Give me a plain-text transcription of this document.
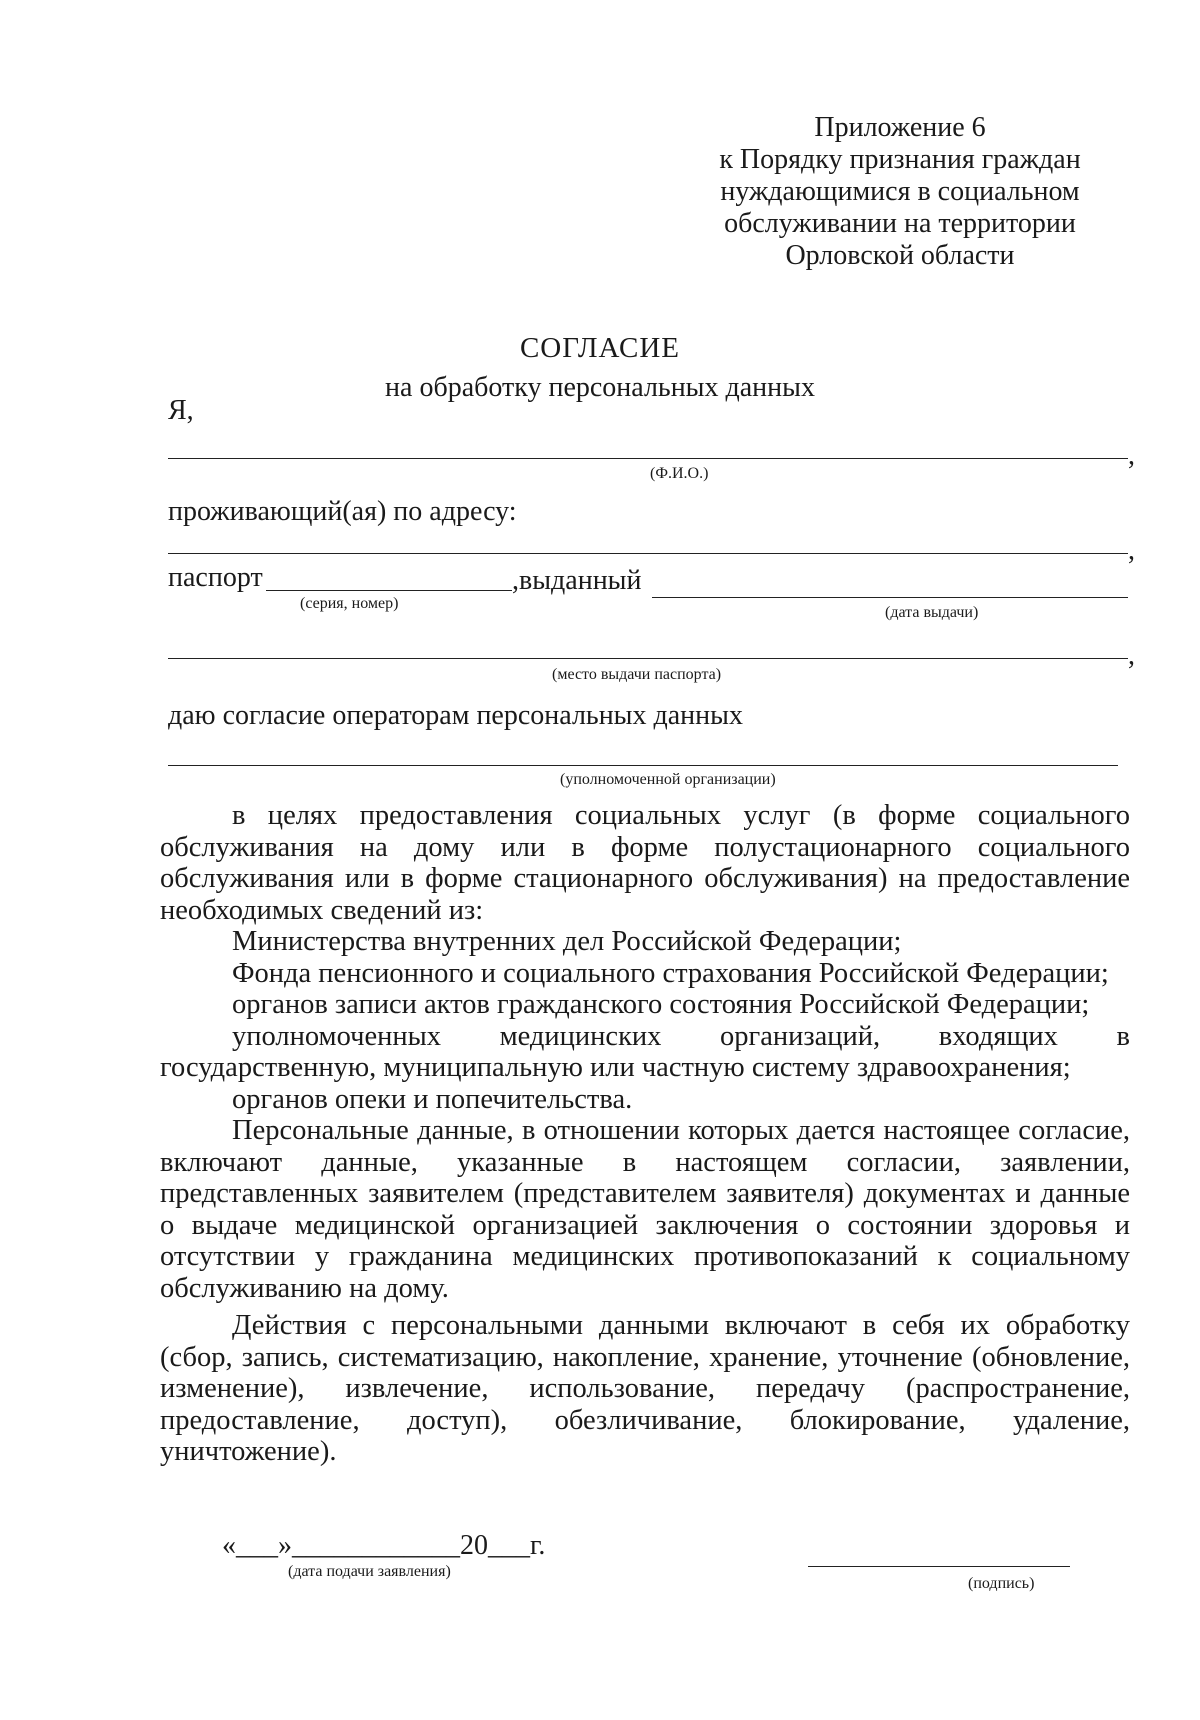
Приложение 6
к Порядку признания граждан
нуждающимися в социальном
обслуживании на территории
Орловской области
СОГЛАСИЕ
на обработку персональных данных
Я,
,
(Ф.И.О.)
проживающий(ая) по адресу:
,
паспорт	,выданный
(серия, номер)
(дата выдачи)
,
(место выдачи паспорта)
даю согласие операторам персональных данных
(уполномоченной организации)

в целях предоставления социальных услуг (в форме социального обслуживания на дому или в форме полустационарного социального обслуживания или в форме стационарного обслуживания) на предоставление необходимых сведений из:

Министерства внутренних дел Российской Федерации;

Фонда пенсионного и социального страхования Российской Федерации;

органов записи актов гражданского состояния Российской Федерации;

уполномоченных медицинских организаций, входящих в государственную, муниципальную или частную систему здравоохранения;

органов опеки и попечительства.

Персональные данные, в отношении которых дается настоящее согласие, включают данные, указанные в настоящем согласии, заявлении, представленных заявителем (представителем заявителя) документах и данные о выдаче медицинской организацией заключения о состоянии здоровья и отсутствии у гражданина медицинских противопоказаний к социальному обслуживанию на дому.

Действия с персональными данными включают в себя их обработку (сбор, запись, систематизацию, накопление, хранение, уточнение (обновление, изменение), извлечение, использование, передачу (распространение, предоставление, доступ), обезличивание, блокирование, удаление, уничтожение).

«___»____________20___г.
(дата подачи заявления)
(подпись)
